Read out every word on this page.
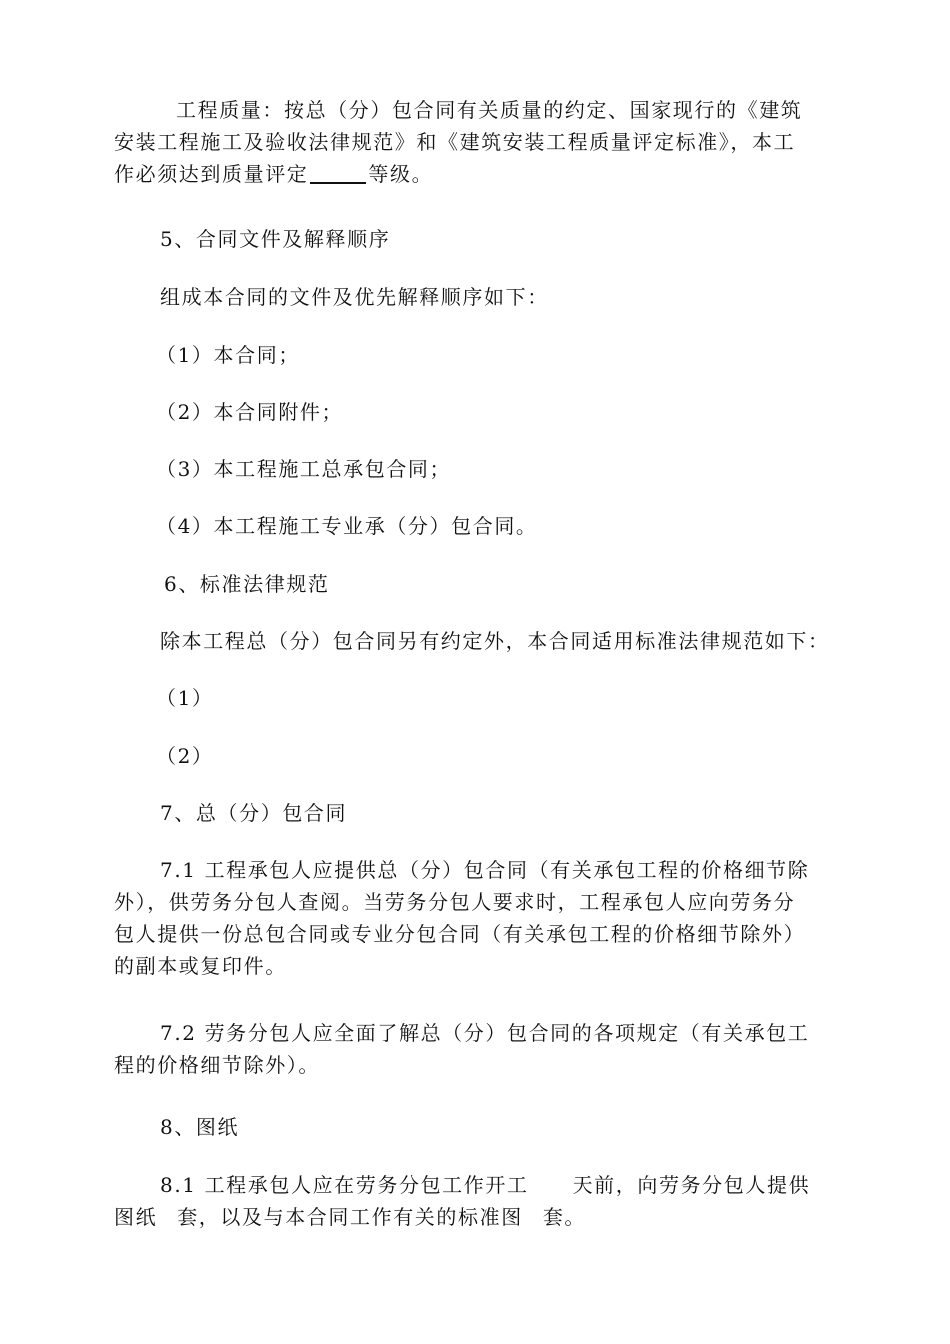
工程质量：按总（分）包合同有关质量的约定、国家现行的《建筑
安装工程施工及验收法律规范》和《建筑安装工程质量评定标准》，本工
作必须达到质量评定	等级。
5、合同文件及解释顺序
组成本合同的文件及优先解释顺序如下：
（1）本合同；
（2）本合同附件；
（3）本工程施工总承包合同；
（4）本工程施工专业承（分）包合同。
6、标准法律规范
除本工程总（分）包合同另有约定外，本合同适用标准法律规范如下：
（1）
（2）
7、总（分）包合同
7.1 工程承包人应提供总（分）包合同（有关承包工程的价格细节除
外），供劳务分包人查阅。当劳务分包人要求时，工程承包人应向劳务分
包人提供一份总包合同或专业分包合同（有关承包工程的价格细节除外）
的副本或复印件。
7.2 劳务分包人应全面了解总（分）包合同的各项规定（有关承包工
程的价格细节除外）。
8、图纸
8.1 工程承包人应在劳务分包工作开工 天前，向劳务分包人提供
图纸 套，以及与本合同工作有关的标准图 套。
